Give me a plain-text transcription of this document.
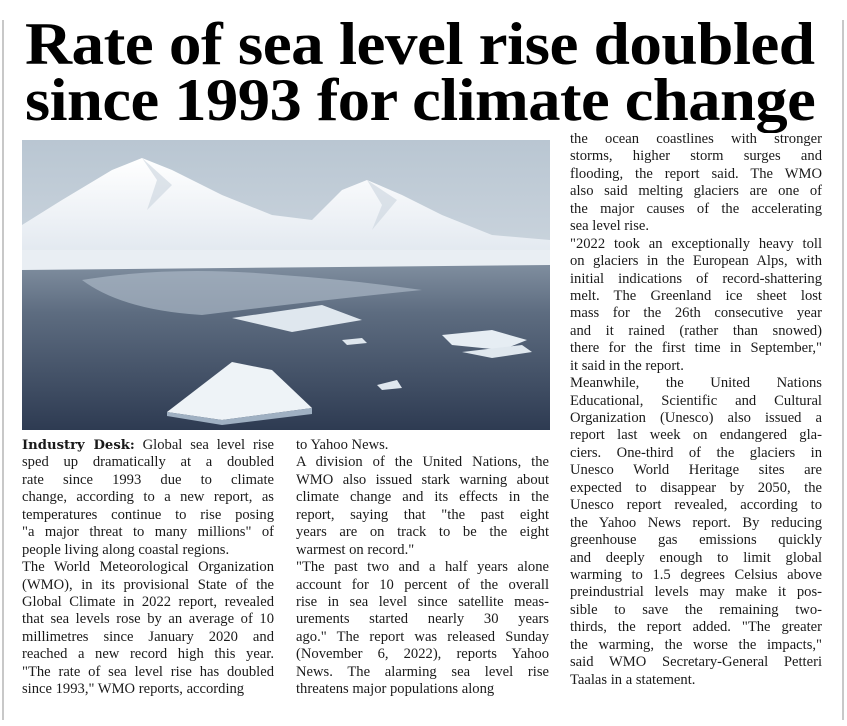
Rate of sea level rise doubled
since 1993 for climate change
Industry Desk: Global sea level rise
sped up dramatically at a doubled
rate since 1993 due to climate
change, according to a new report, as
temperatures continue to rise posing
"a major threat to many millions" of
people living along coastal regions.
The World Meteorological Organization
(WMO), in its provisional State of the
Global Climate in 2022 report, revealed
that sea levels rose by an average of 10
millimetres since January 2020 and
reached a new record high this year.
"The rate of sea level rise has doubled
since 1993," WMO reports, according
to Yahoo News.
A division of the United Nations, the
WMO also issued stark warning about
climate change and its effects in the
report, saying that "the past eight
years are on track to be the eight
warmest on record."
"The past two and a half years alone
account for 10 percent of the overall
rise in sea level since satellite meas-
urements started nearly 30 years
ago." The report was released Sunday
(November 6, 2022), reports Yahoo
News. The alarming sea level rise
threatens major populations along
the ocean coastlines with stronger
storms, higher storm surges and
flooding, the report said. The WMO
also said melting glaciers are one of
the major causes of the accelerating
sea level rise.
"2022 took an exceptionally heavy toll
on glaciers in the European Alps, with
initial indications of record-shattering
melt. The Greenland ice sheet lost
mass for the 26th consecutive year
and it rained (rather than snowed)
there for the first time in September,"
it said in the report.
Meanwhile, the United Nations
Educational, Scientific and Cultural
Organization (Unesco) also issued a
report last week on endangered gla-
ciers. One-third of the glaciers in
Unesco World Heritage sites are
expected to disappear by 2050, the
Unesco report revealed, according to
the Yahoo News report. By reducing
greenhouse gas emissions quickly
and deeply enough to limit global
warming to 1.5 degrees Celsius above
preindustrial levels may make it pos-
sible to save the remaining two-
thirds, the report added. "The greater
the warming, the worse the impacts,"
said WMO Secretary-General Petteri
Taalas in a statement.
